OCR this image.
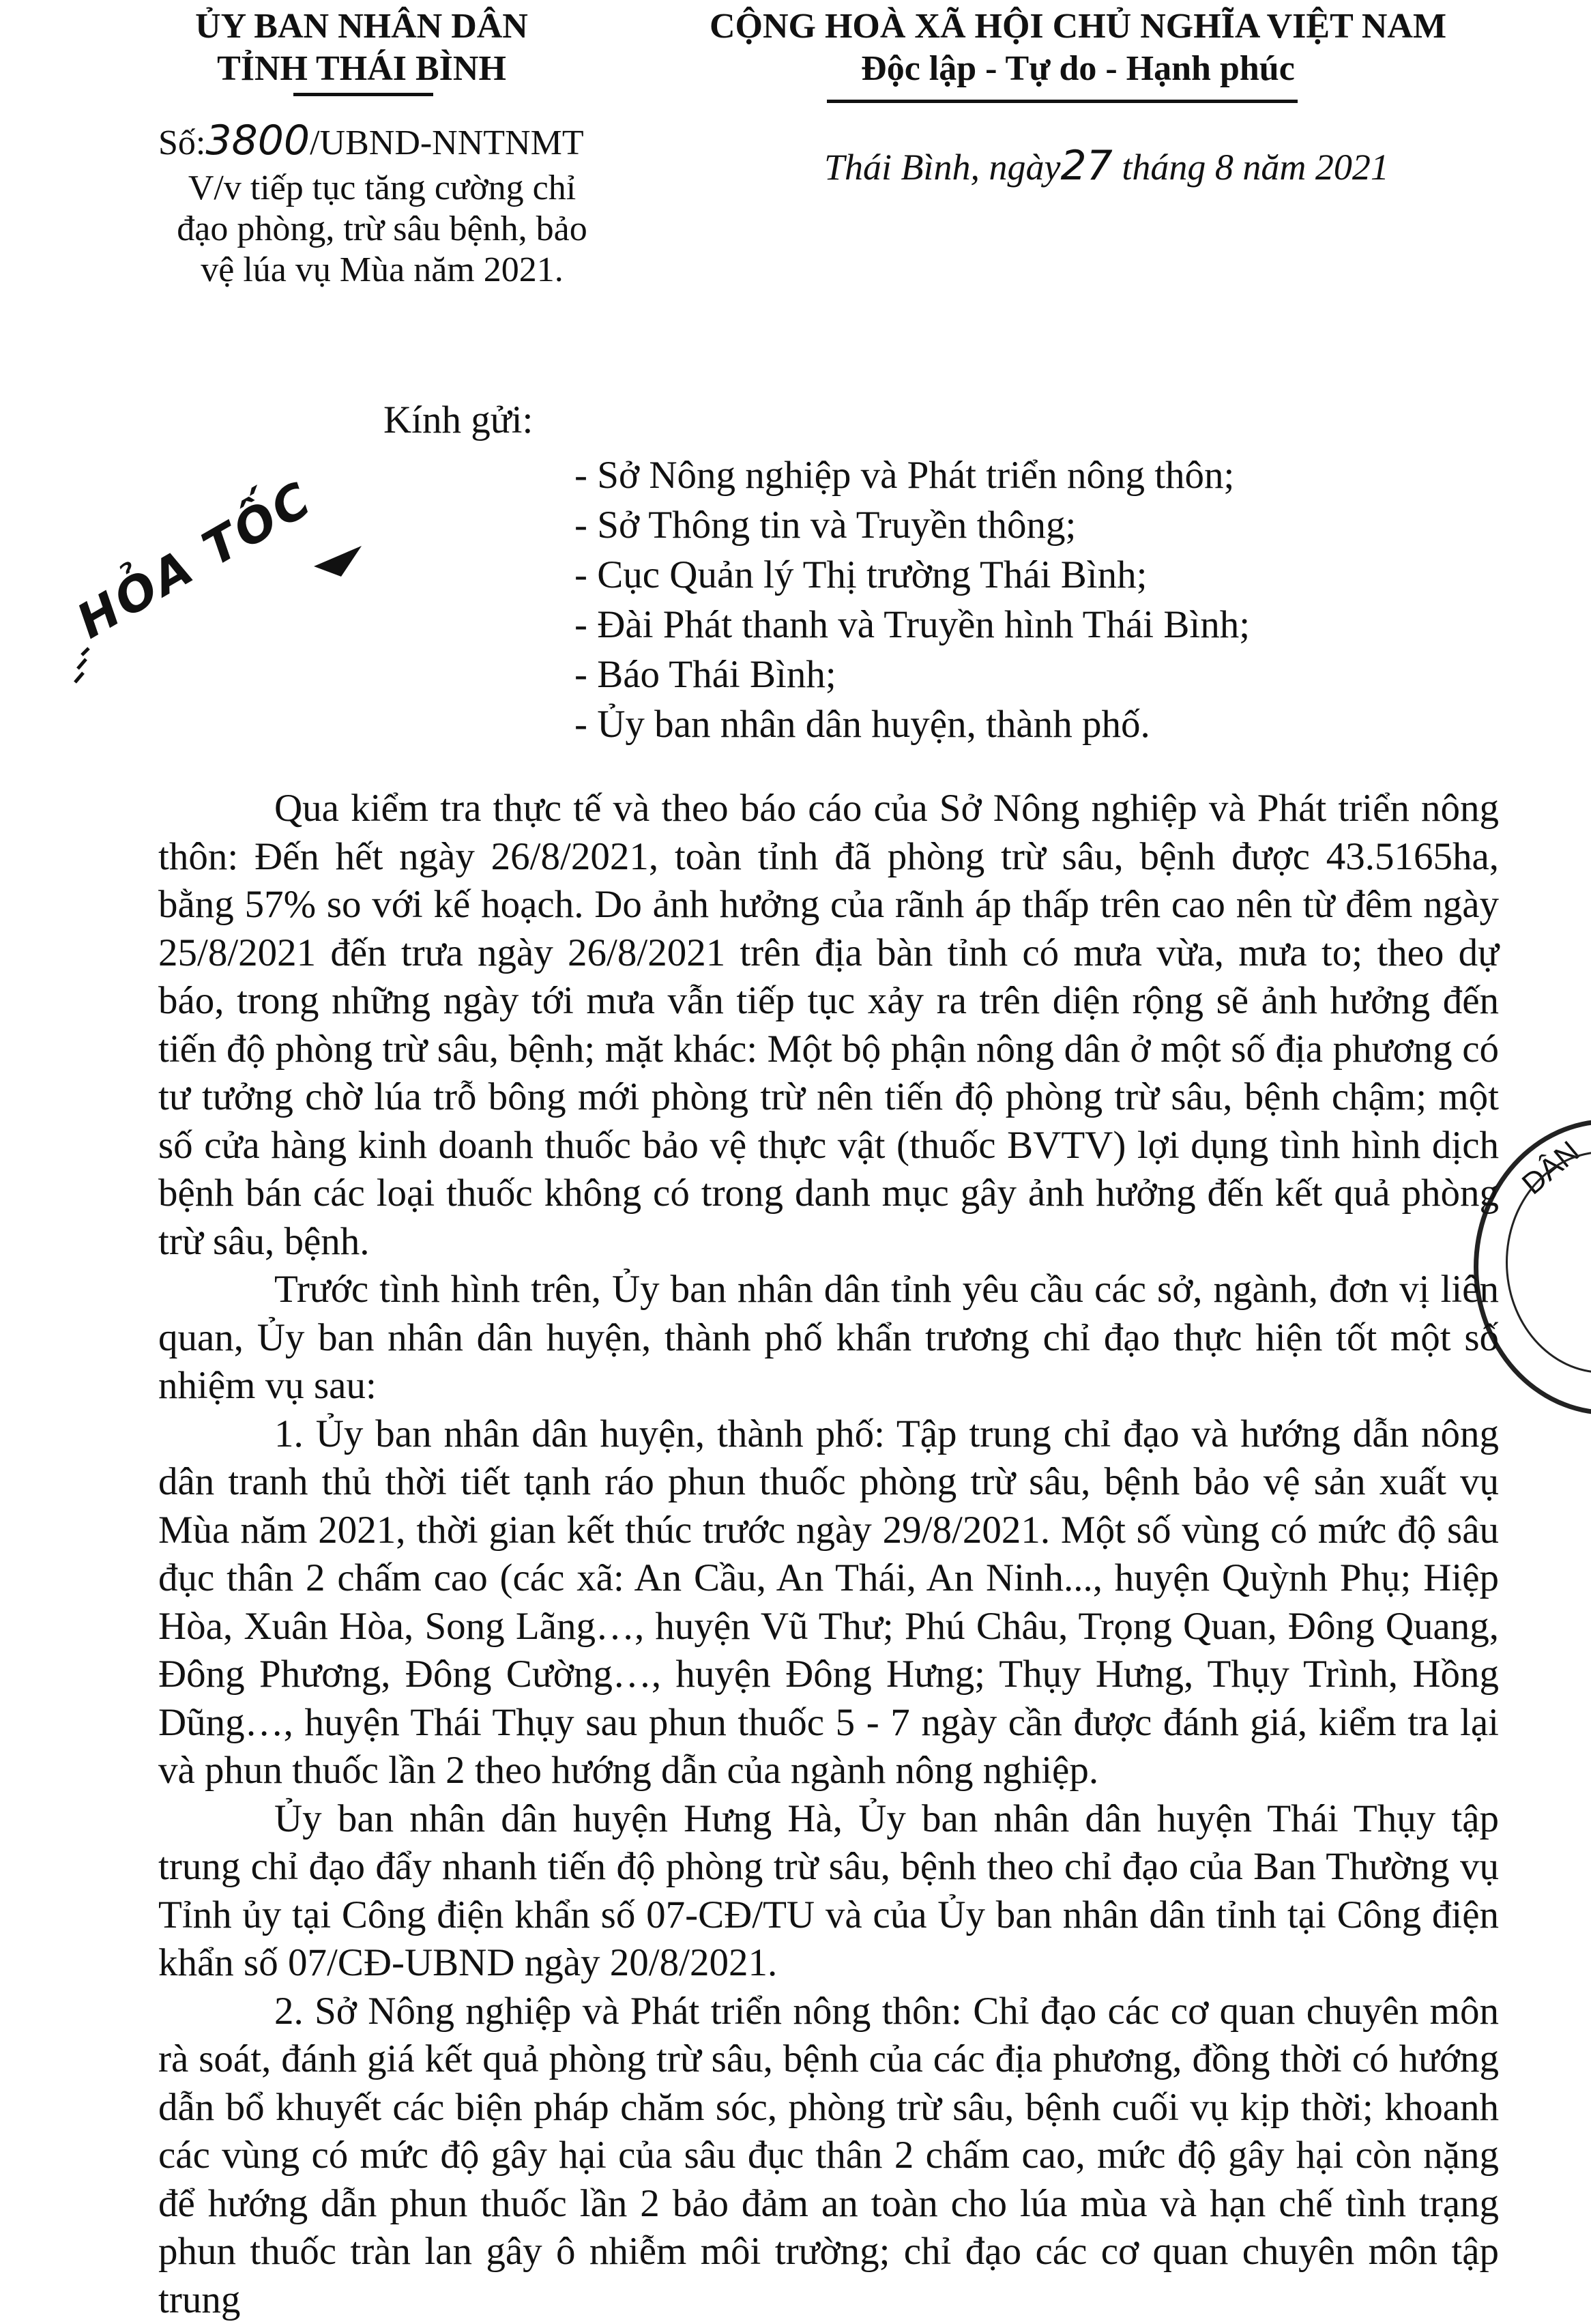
ỦY BAN NHÂN DÂN
TỈNH THÁI BÌNH
CỘNG HOÀ XÃ HỘI CHỦ NGHĨA VIỆT NAM
Độc lập - Tự do - Hạnh phúc
Số:3800/UBND-NNTNMT
V/v tiếp tục tăng cường chỉ đạo phòng, trừ sâu bệnh, bảo vệ lúa vụ Mùa năm 2021.
Thái Bình, ngày27 tháng 8 năm 2021
HỎA TỐC
Kính gửi:
- Sở Nông nghiệp và Phát triển nông thôn;
- Sở Thông tin và Truyền thông;
- Cục Quản lý Thị trường Thái Bình;
- Đài Phát thanh và Truyền hình Thái Bình;
- Báo Thái Bình;
- Ủy ban nhân dân huyện, thành phố.
DÂN

Qua kiểm tra thực tế và theo báo cáo của Sở Nông nghiệp và Phát triển nông thôn: Đến hết ngày 26/8/2021, toàn tỉnh đã phòng trừ sâu, bệnh được 43.5165ha, bằng 57% so với kế hoạch. Do ảnh hưởng của rãnh áp thấp trên cao nên từ đêm ngày 25/8/2021 đến trưa ngày 26/8/2021 trên địa bàn tỉnh có mưa vừa, mưa to; theo dự báo, trong những ngày tới mưa vẫn tiếp tục xảy ra trên diện rộng sẽ ảnh hưởng đến tiến độ phòng trừ sâu, bệnh; mặt khác: Một bộ phận nông dân ở một số địa phương có tư tưởng chờ lúa trỗ bông mới phòng trừ nên tiến độ phòng trừ sâu, bệnh chậm; một số cửa hàng kinh doanh thuốc bảo vệ thực vật (thuốc BVTV) lợi dụng tình hình dịch bệnh bán các loại thuốc không có trong danh mục gây ảnh hưởng đến kết quả phòng trừ sâu, bệnh.

Trước tình hình trên, Ủy ban nhân dân tỉnh yêu cầu các sở, ngành, đơn vị liên quan, Ủy ban nhân dân huyện, thành phố khẩn trương chỉ đạo thực hiện tốt một số nhiệm vụ sau:

1. Ủy ban nhân dân huyện, thành phố: Tập trung chỉ đạo và hướng dẫn nông dân tranh thủ thời tiết tạnh ráo phun thuốc phòng trừ sâu, bệnh bảo vệ sản xuất vụ Mùa năm 2021, thời gian kết thúc trước ngày 29/8/2021. Một số vùng có mức độ sâu đục thân 2 chấm cao (các xã: An Cầu, An Thái, An Ninh..., huyện Quỳnh Phụ; Hiệp Hòa, Xuân Hòa, Song Lãng…, huyện Vũ Thư; Phú Châu, Trọng Quan, Đông Quang, Đông Phương, Đông Cường…, huyện Đông Hưng; Thụy Hưng, Thụy Trình, Hồng Dũng…, huyện Thái Thụy sau phun thuốc 5 - 7 ngày cần được đánh giá, kiểm tra lại và phun thuốc lần 2 theo hướng dẫn của ngành nông nghiệp.

Ủy ban nhân dân huyện Hưng Hà, Ủy ban nhân dân huyện Thái Thụy tập trung chỉ đạo đẩy nhanh tiến độ phòng trừ sâu, bệnh theo chỉ đạo của Ban Thường vụ Tỉnh ủy tại Công điện khẩn số 07-CĐ/TU và của Ủy ban nhân dân tỉnh tại Công điện khẩn số 07/CĐ-UBND ngày 20/8/2021.

2. Sở Nông nghiệp và Phát triển nông thôn: Chỉ đạo các cơ quan chuyên môn rà soát, đánh giá kết quả phòng trừ sâu, bệnh của các địa phương, đồng thời có hướng dẫn bổ khuyết các biện pháp chăm sóc, phòng trừ sâu, bệnh cuối vụ kịp thời; khoanh các vùng có mức độ gây hại của sâu đục thân 2 chấm cao, mức độ gây hại còn nặng để hướng dẫn phun thuốc lần 2 bảo đảm an toàn cho lúa mùa và hạn chế tình trạng phun thuốc tràn lan gây ô nhiễm môi trường; chỉ đạo các cơ quan chuyên môn tập trung
